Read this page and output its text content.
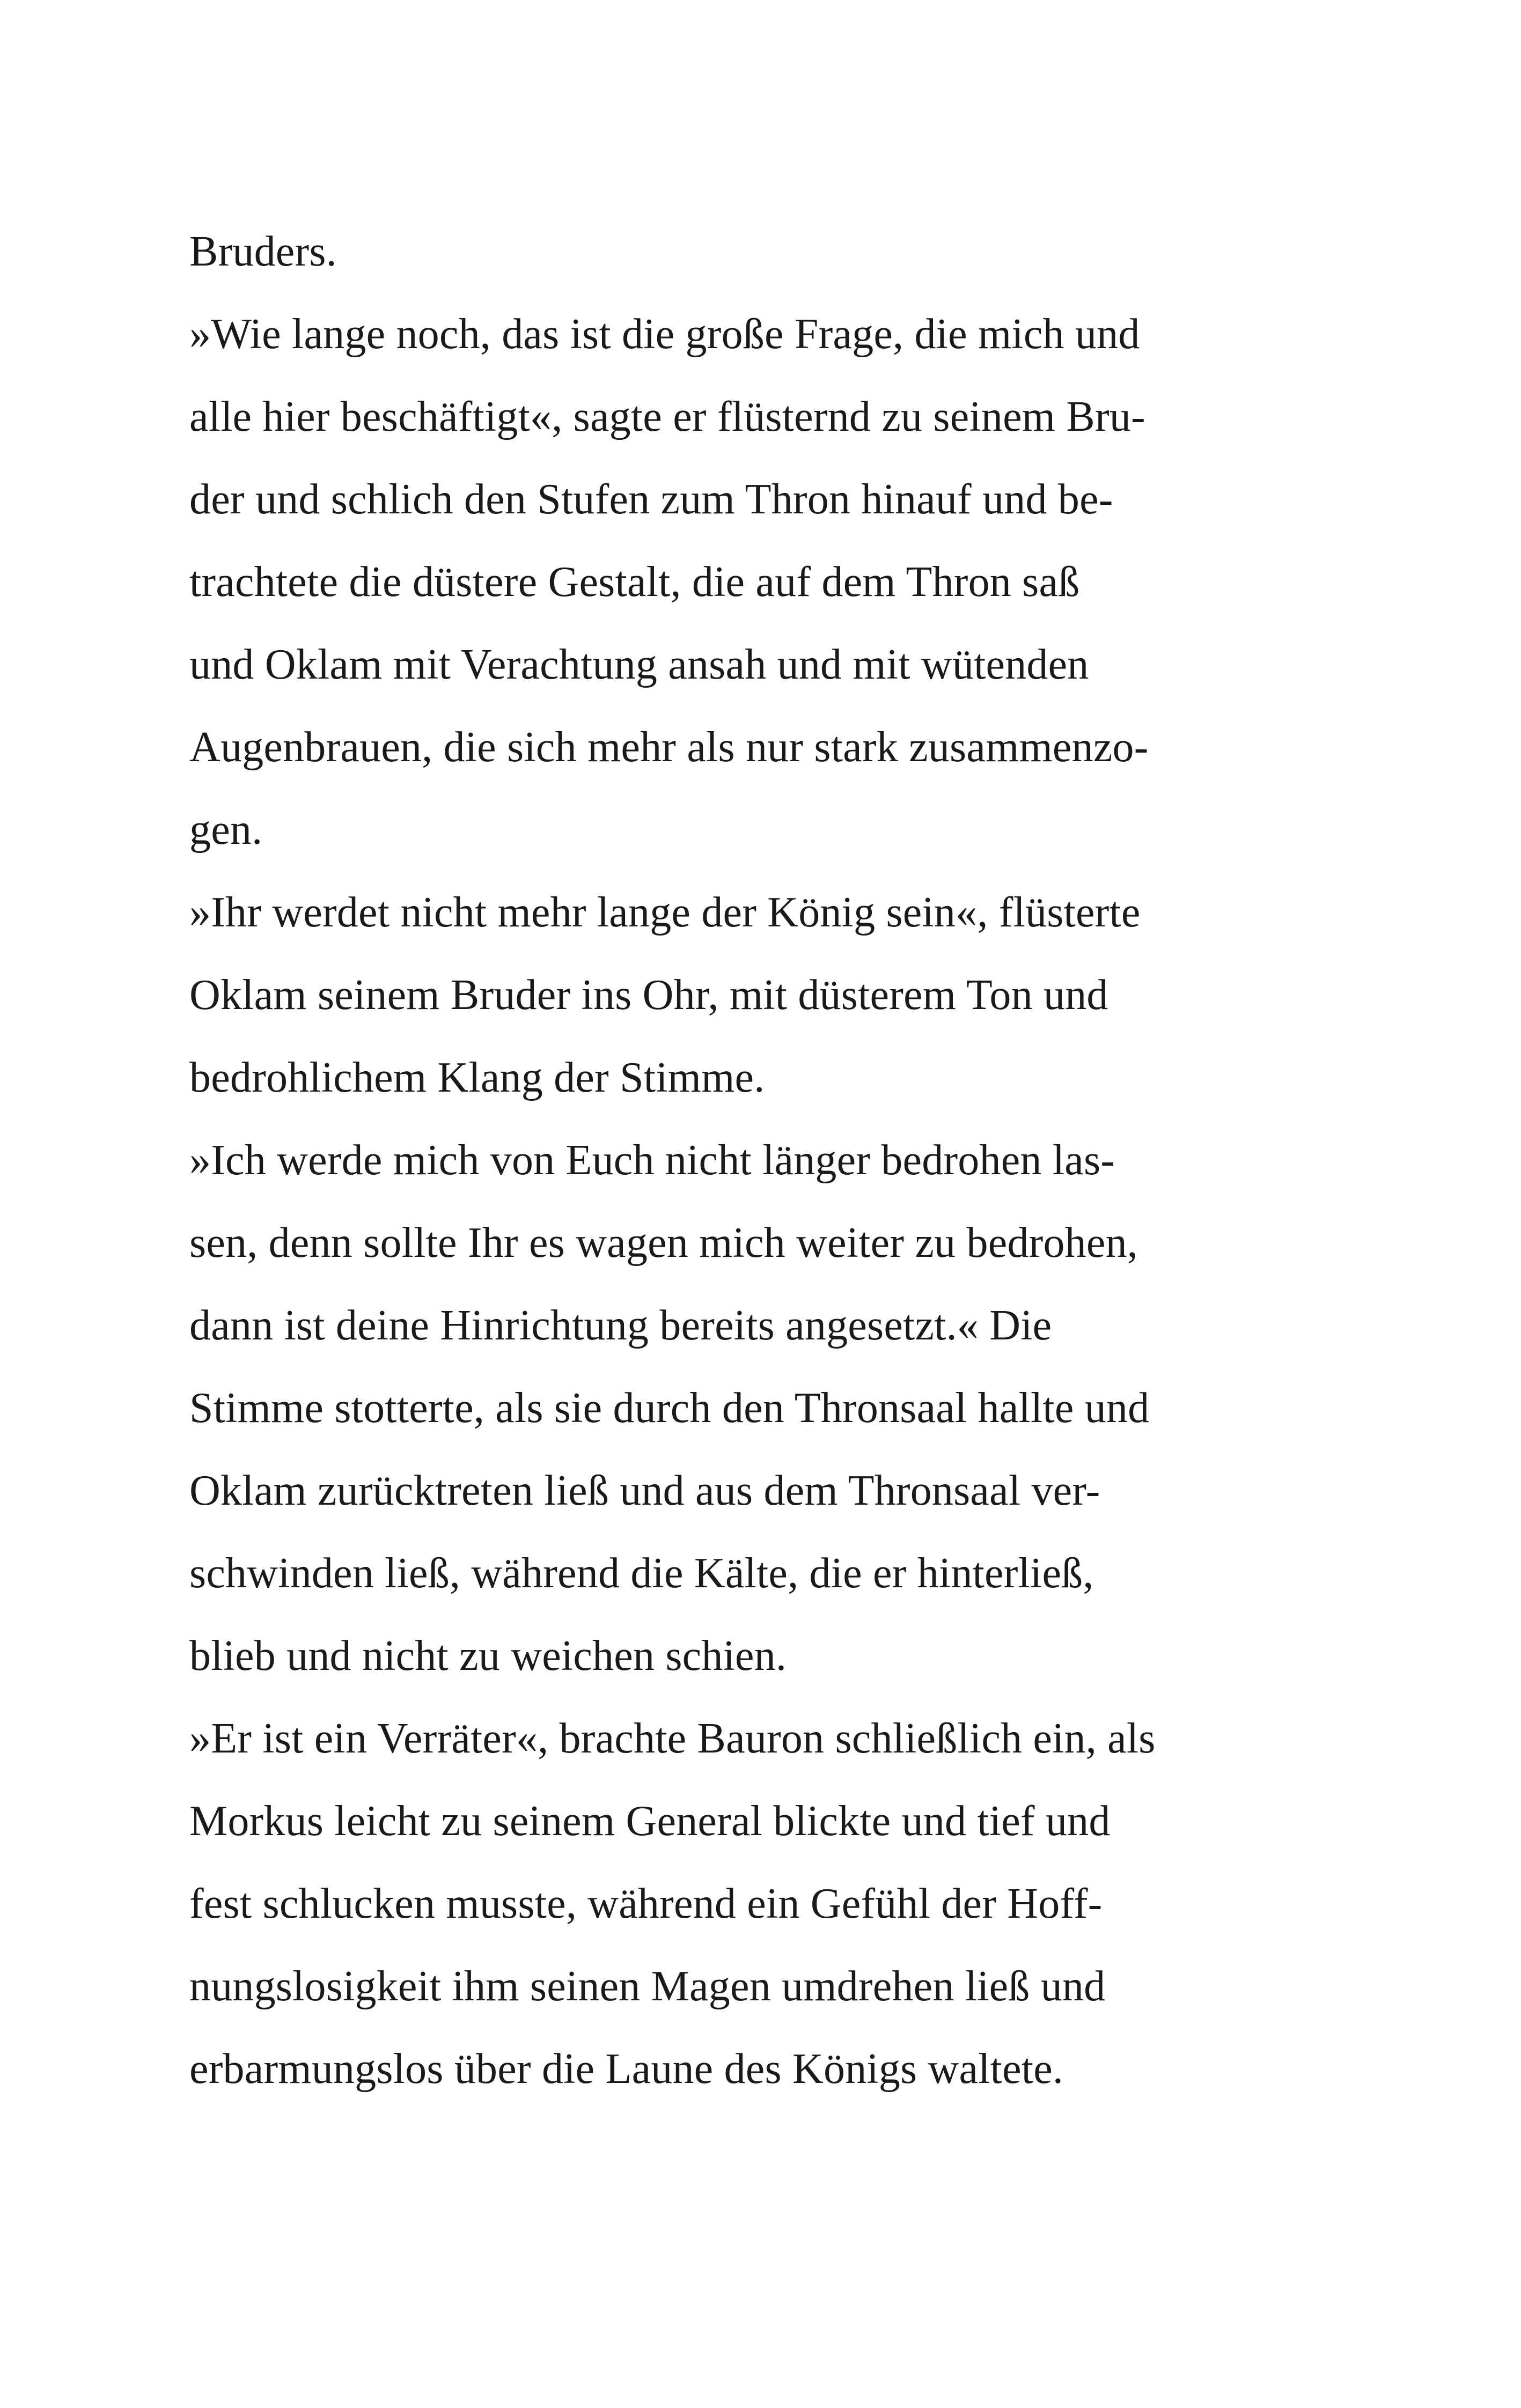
Bruders.
»Wie lange noch, das ist die große Frage, die mich und
alle hier beschäftigt«, sagte er flüsternd zu seinem Bru-
der und schlich den Stufen zum Thron hinauf und be-
trachtete die düstere Gestalt, die auf dem Thron saß
und Oklam mit Verachtung ansah und mit wütenden
Augenbrauen, die sich mehr als nur stark zusammenzo-
gen.
»Ihr werdet nicht mehr lange der König sein«, flüsterte
Oklam seinem Bruder ins Ohr, mit düsterem Ton und
bedrohlichem Klang der Stimme.
»Ich werde mich von Euch nicht länger bedrohen las-
sen, denn sollte Ihr es wagen mich weiter zu bedrohen,
dann ist deine Hinrichtung bereits angesetzt.« Die
Stimme stotterte, als sie durch den Thronsaal hallte und
Oklam zurücktreten ließ und aus dem Thronsaal ver-
schwinden ließ, während die Kälte, die er hinterließ,
blieb und nicht zu weichen schien.
»Er ist ein Verräter«, brachte Bauron schließlich ein, als
Morkus leicht zu seinem General blickte und tief und
fest schlucken musste, während ein Gefühl der Hoff-
nungslosigkeit ihm seinen Magen umdrehen ließ und
erbarmungslos über die Laune des Königs waltete.
